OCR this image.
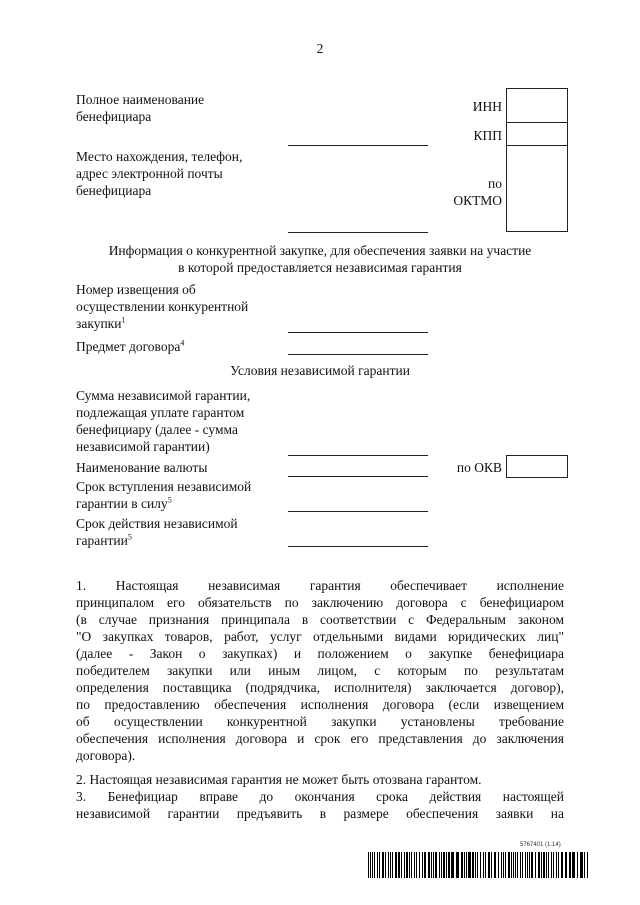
2
Полное наименование
бенефициара
Место нахождения, телефон,
адрес электронной почты
бенефициара
ИНН
КПП
по
ОКТМО
Информация о конкурентной закупке, для обеспечения заявки на участие
в которой предоставляется независимая гарантия
Номер извещения об
осуществлении конкурентной
закупки$^1$
Предмет договора$^4$
Условия независимой гарантии
Сумма независимой гарантии,
подлежащая уплате гарантом
бенефициару (далее - сумма
независимой гарантии)
Наименование валюты	по ОКВ
Срок вступления независимой
гарантии в силу$^5$
Срок действия независимой
гарантии$^5$
1. Настоящая независимая гарантия обеспечивает исполнение
принципалом его обязательств по заключению договора с бенефициаром
(в случае признания принципала в соответствии с Федеральным законом
"О закупках товаров, работ, услуг отдельными видами юридических лиц"
(далее - Закон о закупках) и положением о закупке бенефициара
победителем закупки или иным лицом, с которым по результатам
определения поставщика (подрядчика, исполнителя) заключается договор),
по предоставлению обеспечения исполнения договора (если извещением
об осуществлении конкурентной закупки установлены требование
обеспечения исполнения договора и срок его представления до заключения
договора).
2. Настоящая независимая гарантия не может быть отозвана гарантом.
3. Бенефициар вправе до окончания срока действия настоящей
независимой гарантии предъявить в размере обеспечения заявки на
5767401 (1.14)
